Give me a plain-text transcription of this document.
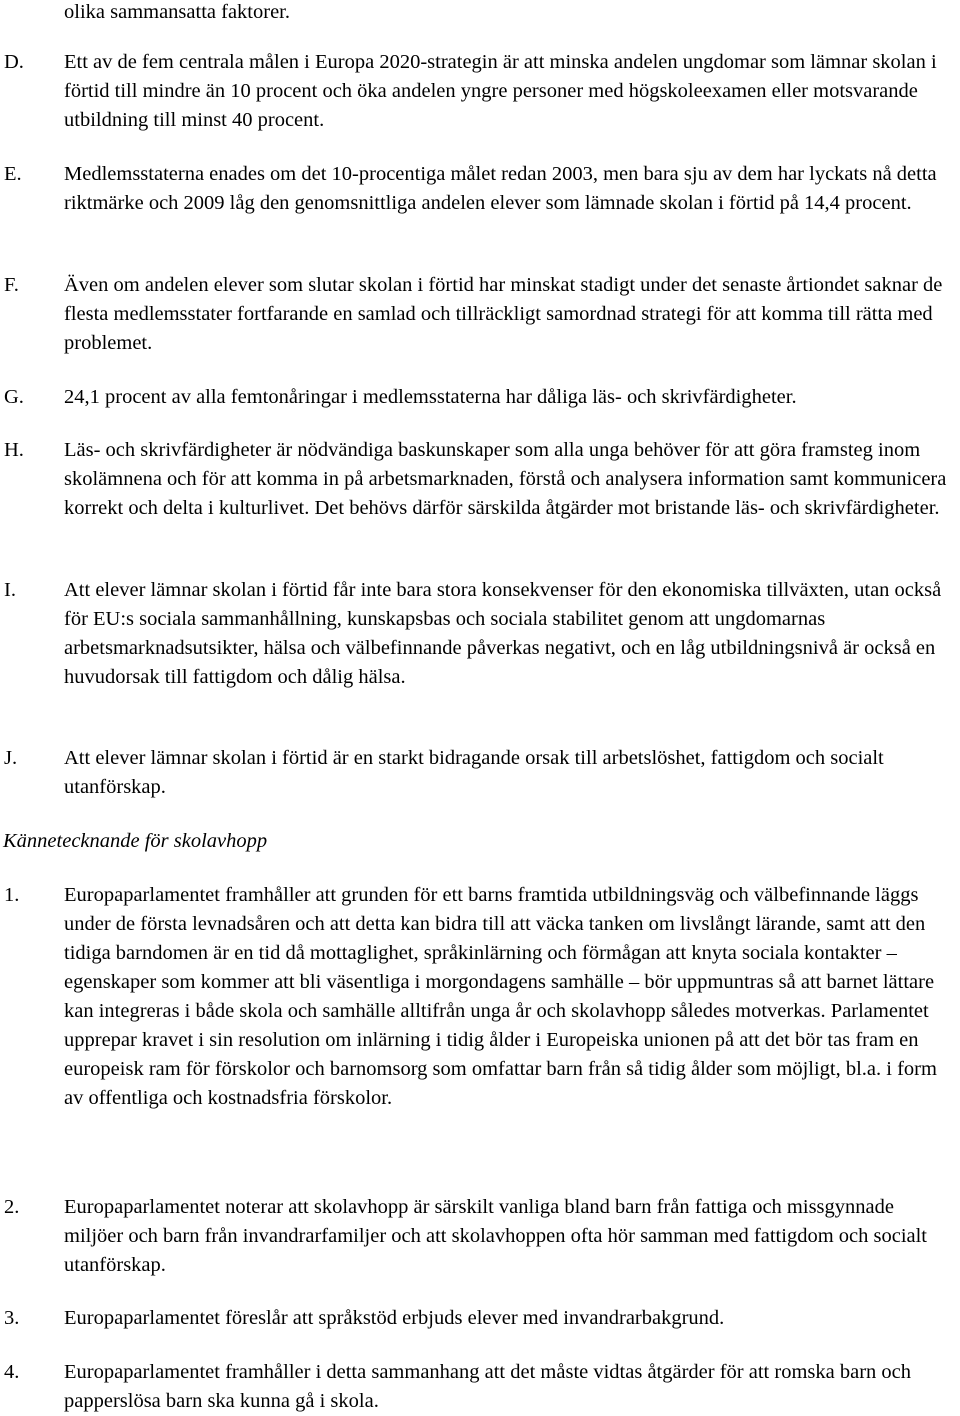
olika sammansatta faktorer.

D. Ett av de fem centrala målen i Europa 2020-strategin är att minska andelen ungdomar som lämnar skolan i förtid till mindre än 10 procent och öka andelen yngre personer med högskoleexamen eller motsvarande utbildning till minst 40 procent.

E. Medlemsstaterna enades om det 10-procentiga målet redan 2003, men bara sju av dem har lyckats nå detta riktmärke och 2009 låg den genomsnittliga andelen elever som lämnade skolan i förtid på 14,4 procent.

F. Även om andelen elever som slutar skolan i förtid har minskat stadigt under det senaste årtiondet saknar de flesta medlemsstater fortfarande en samlad och tillräckligt samordnad strategi för att komma till rätta med problemet.

G. 24,1 procent av alla femtonåringar i medlemsstaterna har dåliga läs- och skrivfärdigheter.

H. Läs- och skrivfärdigheter är nödvändiga baskunskaper som alla unga behöver för att göra framsteg inom skolämnena och för att komma in på arbetsmarknaden, förstå och analysera information samt kommunicera korrekt och delta i kulturlivet. Det behövs därför särskilda åtgärder mot bristande läs- och skrivfärdigheter.

I. Att elever lämnar skolan i förtid får inte bara stora konsekvenser för den ekonomiska tillväxten, utan också för EU:s sociala sammanhållning, kunskapsbas och sociala stabilitet genom att ungdomarnas arbetsmarknadsutsikter, hälsa och välbefinnande påverkas negativt, och en låg utbildningsnivå är också en huvudorsak till fattigdom och dålig hälsa.

J. Att elever lämnar skolan i förtid är en starkt bidragande orsak till arbetslöshet, fattigdom och socialt utanförskap.

Kännetecknande för skolavhopp

1. Europaparlamentet framhåller att grunden för ett barns framtida utbildningsväg och välbefinnande läggs under de första levnadsåren och att detta kan bidra till att väcka tanken om livslångt lärande, samt att den tidiga barndomen är en tid då mottaglighet, språkinlärning och förmågan att knyta sociala kontakter – egenskaper som kommer att bli väsentliga i morgondagens samhälle – bör uppmuntras så att barnet lättare kan integreras i både skola och samhälle alltifrån unga år och skolavhopp således motverkas. Parlamentet upprepar kravet i sin resolution om inlärning i tidig ålder i Europeiska unionen på att det bör tas fram en europeisk ram för förskolor och barnomsorg som omfattar barn från så tidig ålder som möjligt, bl.a. i form av offentliga och kostnadsfria förskolor.

2. Europaparlamentet noterar att skolavhopp är särskilt vanliga bland barn från fattiga och missgynnade miljöer och barn från invandrarfamiljer och att skolavhoppen ofta hör samman med fattigdom och socialt utanförskap.

3. Europaparlamentet föreslår att språkstöd erbjuds elever med invandrarbakgrund.

4. Europaparlamentet framhåller i detta sammanhang att det måste vidtas åtgärder för att romska barn och papperslösa barn ska kunna gå i skola.
